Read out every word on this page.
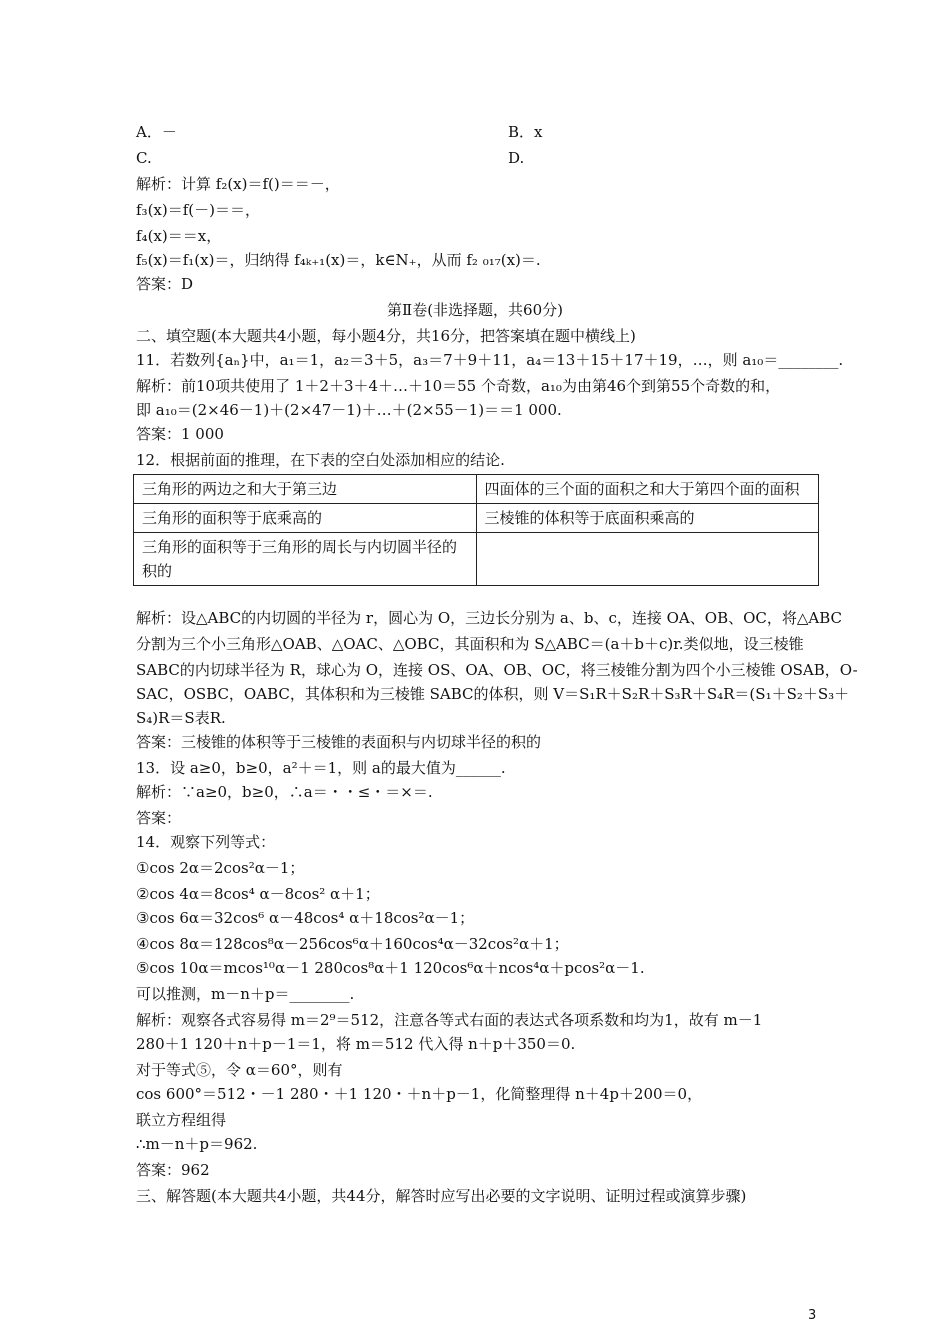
A．－	B．x
C.	D.
解析：计算 f₂(x)＝f()＝＝－，
f₃(x)＝f(－)＝＝，
f₄(x)＝＝x，
f₅(x)＝f₁(x)＝，归纳得 f₄ₖ₊₁(x)＝，k∈N₊，从而 f₂ ₀₁₇(x)＝.
答案：D
第Ⅱ卷(非选择题，共60分)
二、填空题(本大题共4小题，每小题4分，共16分，把答案填在题中横线上)
11．若数列{aₙ}中，a₁＝1，a₂＝3＋5，a₃＝7＋9＋11，a₄＝13＋15＋17＋19，…，则 a₁₀＝________.
解析：前10项共使用了 1＋2＋3＋4＋…＋10＝55 个奇数，a₁₀为由第46个到第55个奇数的和，
即 a₁₀＝(2×46－1)＋(2×47－1)＋…＋(2×55－1)＝＝1 000.
答案：1 000
12．根据前面的推理，在下表的空白处添加相应的结论.
三角形的两边之和大于第三边	四面体的三个面的面积之和大于第四个面的面积
三角形的面积等于底乘高的	三棱锥的体积等于底面积乘高的
三角形的面积等于三角形的周长与内切圆半径的积的	
解析：设△ABC的内切圆的半径为 r，圆心为 O，三边长分别为 a、b、c，连接 OA、OB、OC，将△ABC
分割为三个小三角形△OAB、△OAC、△OBC，其面积和为 S△ABC＝(a＋b＋c)r.类似地，设三棱锥
SABC的内切球半径为 R，球心为 O，连接 OS、OA、OB、OC，将三棱锥分割为四个小三棱锥 OSAB，O-
SAC，OSBC，OABC，其体积和为三棱锥 SABC的体积，则 V＝S₁R＋S₂R＋S₃R＋S₄R＝(S₁＋S₂＋S₃＋
S₄)R＝S表R.
答案：三棱锥的体积等于三棱锥的表面积与内切球半径的积的
13．设 a≥0，b≥0，a²＋＝1，则 a的最大值为______.
解析：∵a≥0，b≥0，∴a＝・・≤・＝×＝.
答案：
14．观察下列等式：
①cos 2α＝2cos²α－1；
②cos 4α＝8cos⁴ α－8cos² α＋1；
③cos 6α＝32cos⁶ α－48cos⁴ α＋18cos²α－1；
④cos 8α＝128cos⁸α－256cos⁶α＋160cos⁴α－32cos²α＋1；
⑤cos 10α＝mcos¹⁰α－1 280cos⁸α＋1 120cos⁶α＋ncos⁴α＋pcos²α－1.
可以推测，m－n＋p＝________.
解析：观察各式容易得 m＝2⁹＝512，注意各等式右面的表达式各项系数和均为1，故有 m－1
280＋1 120＋n＋p－1＝1，将 m＝512 代入得 n＋p＋350＝0.
对于等式⑤，令 α＝60°，则有
cos 600°＝512・－1 280・＋1 120・＋n＋p－1，化简整理得 n＋4p＋200＝0，
联立方程组得
∴m－n＋p＝962.
答案：962
三、解答题(本大题共4小题，共44分，解答时应写出必要的文字说明、证明过程或演算步骤)
3
